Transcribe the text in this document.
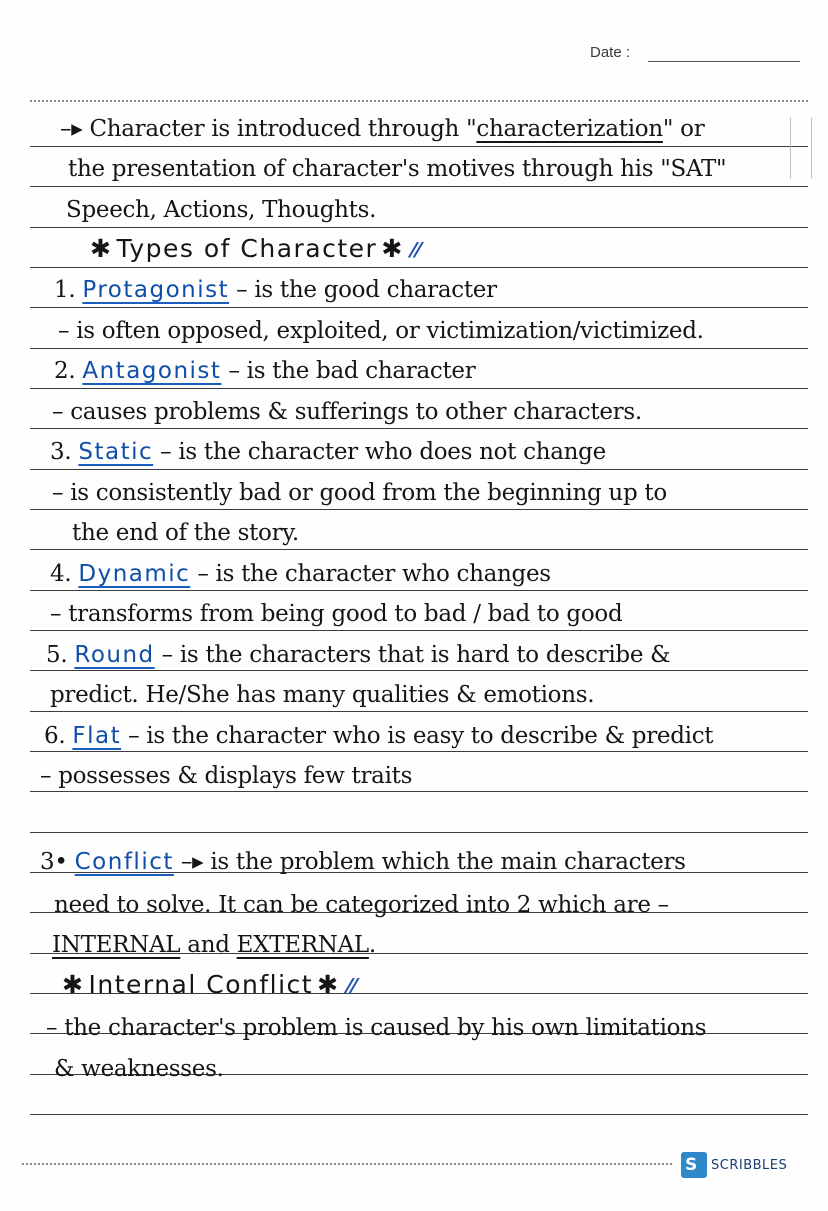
Date :
–▸ Character is introduced through "characterization" or
the presentation of character's motives through his "SAT"
Speech, Actions, Thoughts.
✱ Types of Character ✱ ⁄⁄
1. Protagonist – is the good character
– is often opposed, exploited, or victimization/victimized.
2. Antagonist – is the bad character
– causes problems & sufferings to other characters.
3. Static – is the character who does not change
– is consistently bad or good from the beginning up to
the end of the story.
4. Dynamic – is the character who changes
– transforms from being good to bad / bad to good
5. Round – is the characters that is hard to describe &
predict. He/She has many qualities & emotions.
6. Flat – is the character who is easy to describe & predict
– possesses & displays few traits
3• Conflict –▸ is the problem which the main characters
need to solve. It can be categorized into 2 which are –
INTERNAL and EXTERNAL.
✱ Internal Conflict ✱ ⁄⁄
– the character's problem is caused by his own limitations
& weaknesses.
S SCRIBBLES
